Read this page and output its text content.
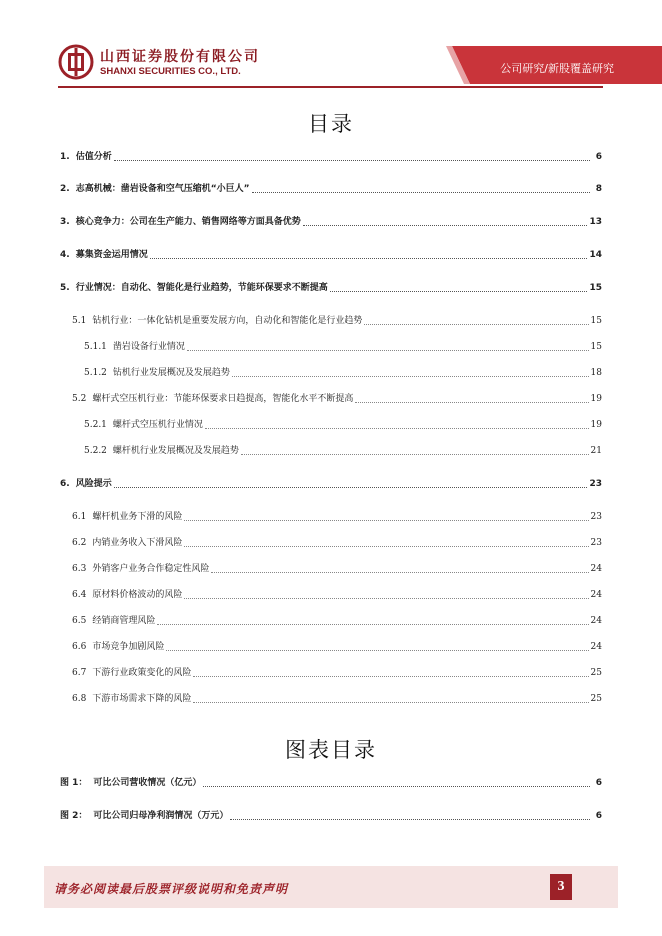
山西证券股份有限公司
SHANXI SECURITIES CO., LTD.	公司研究/新股覆盖研究
目录
1. 估值分析	6
2. 志高机械：凿岩设备和空气压缩机“小巨人”	8
3. 核心竞争力：公司在生产能力、销售网络等方面具备优势	13
4. 募集资金运用情况	14
5. 行业情况：自动化、智能化是行业趋势，节能环保要求不断提高	15
5.1 钻机行业：一体化钻机是重要发展方向，自动化和智能化是行业趋势	15
5.1.1 凿岩设备行业情况	15
5.1.2 钻机行业发展概况及发展趋势	18
5.2 螺杆式空压机行业：节能环保要求日趋提高，智能化水平不断提高	19
5.2.1 螺杆式空压机行业情况	19
5.2.2 螺杆机行业发展概况及发展趋势	21
6. 风险提示	23
6.1 螺杆机业务下滑的风险	23
6.2 内销业务收入下滑风险	23
6.3 外销客户业务合作稳定性风险	24
6.4 原材料价格波动的风险	24
6.5 经销商管理风险	24
6.6 市场竞争加剧风险	24
6.7 下游行业政策变化的风险	25
6.8 下游市场需求下降的风险	25
图表目录
图 1： 可比公司营收情况（亿元）	6
图 2： 可比公司归母净利润情况（万元）	6
请务必阅读最后股票评级说明和免责声明	3
